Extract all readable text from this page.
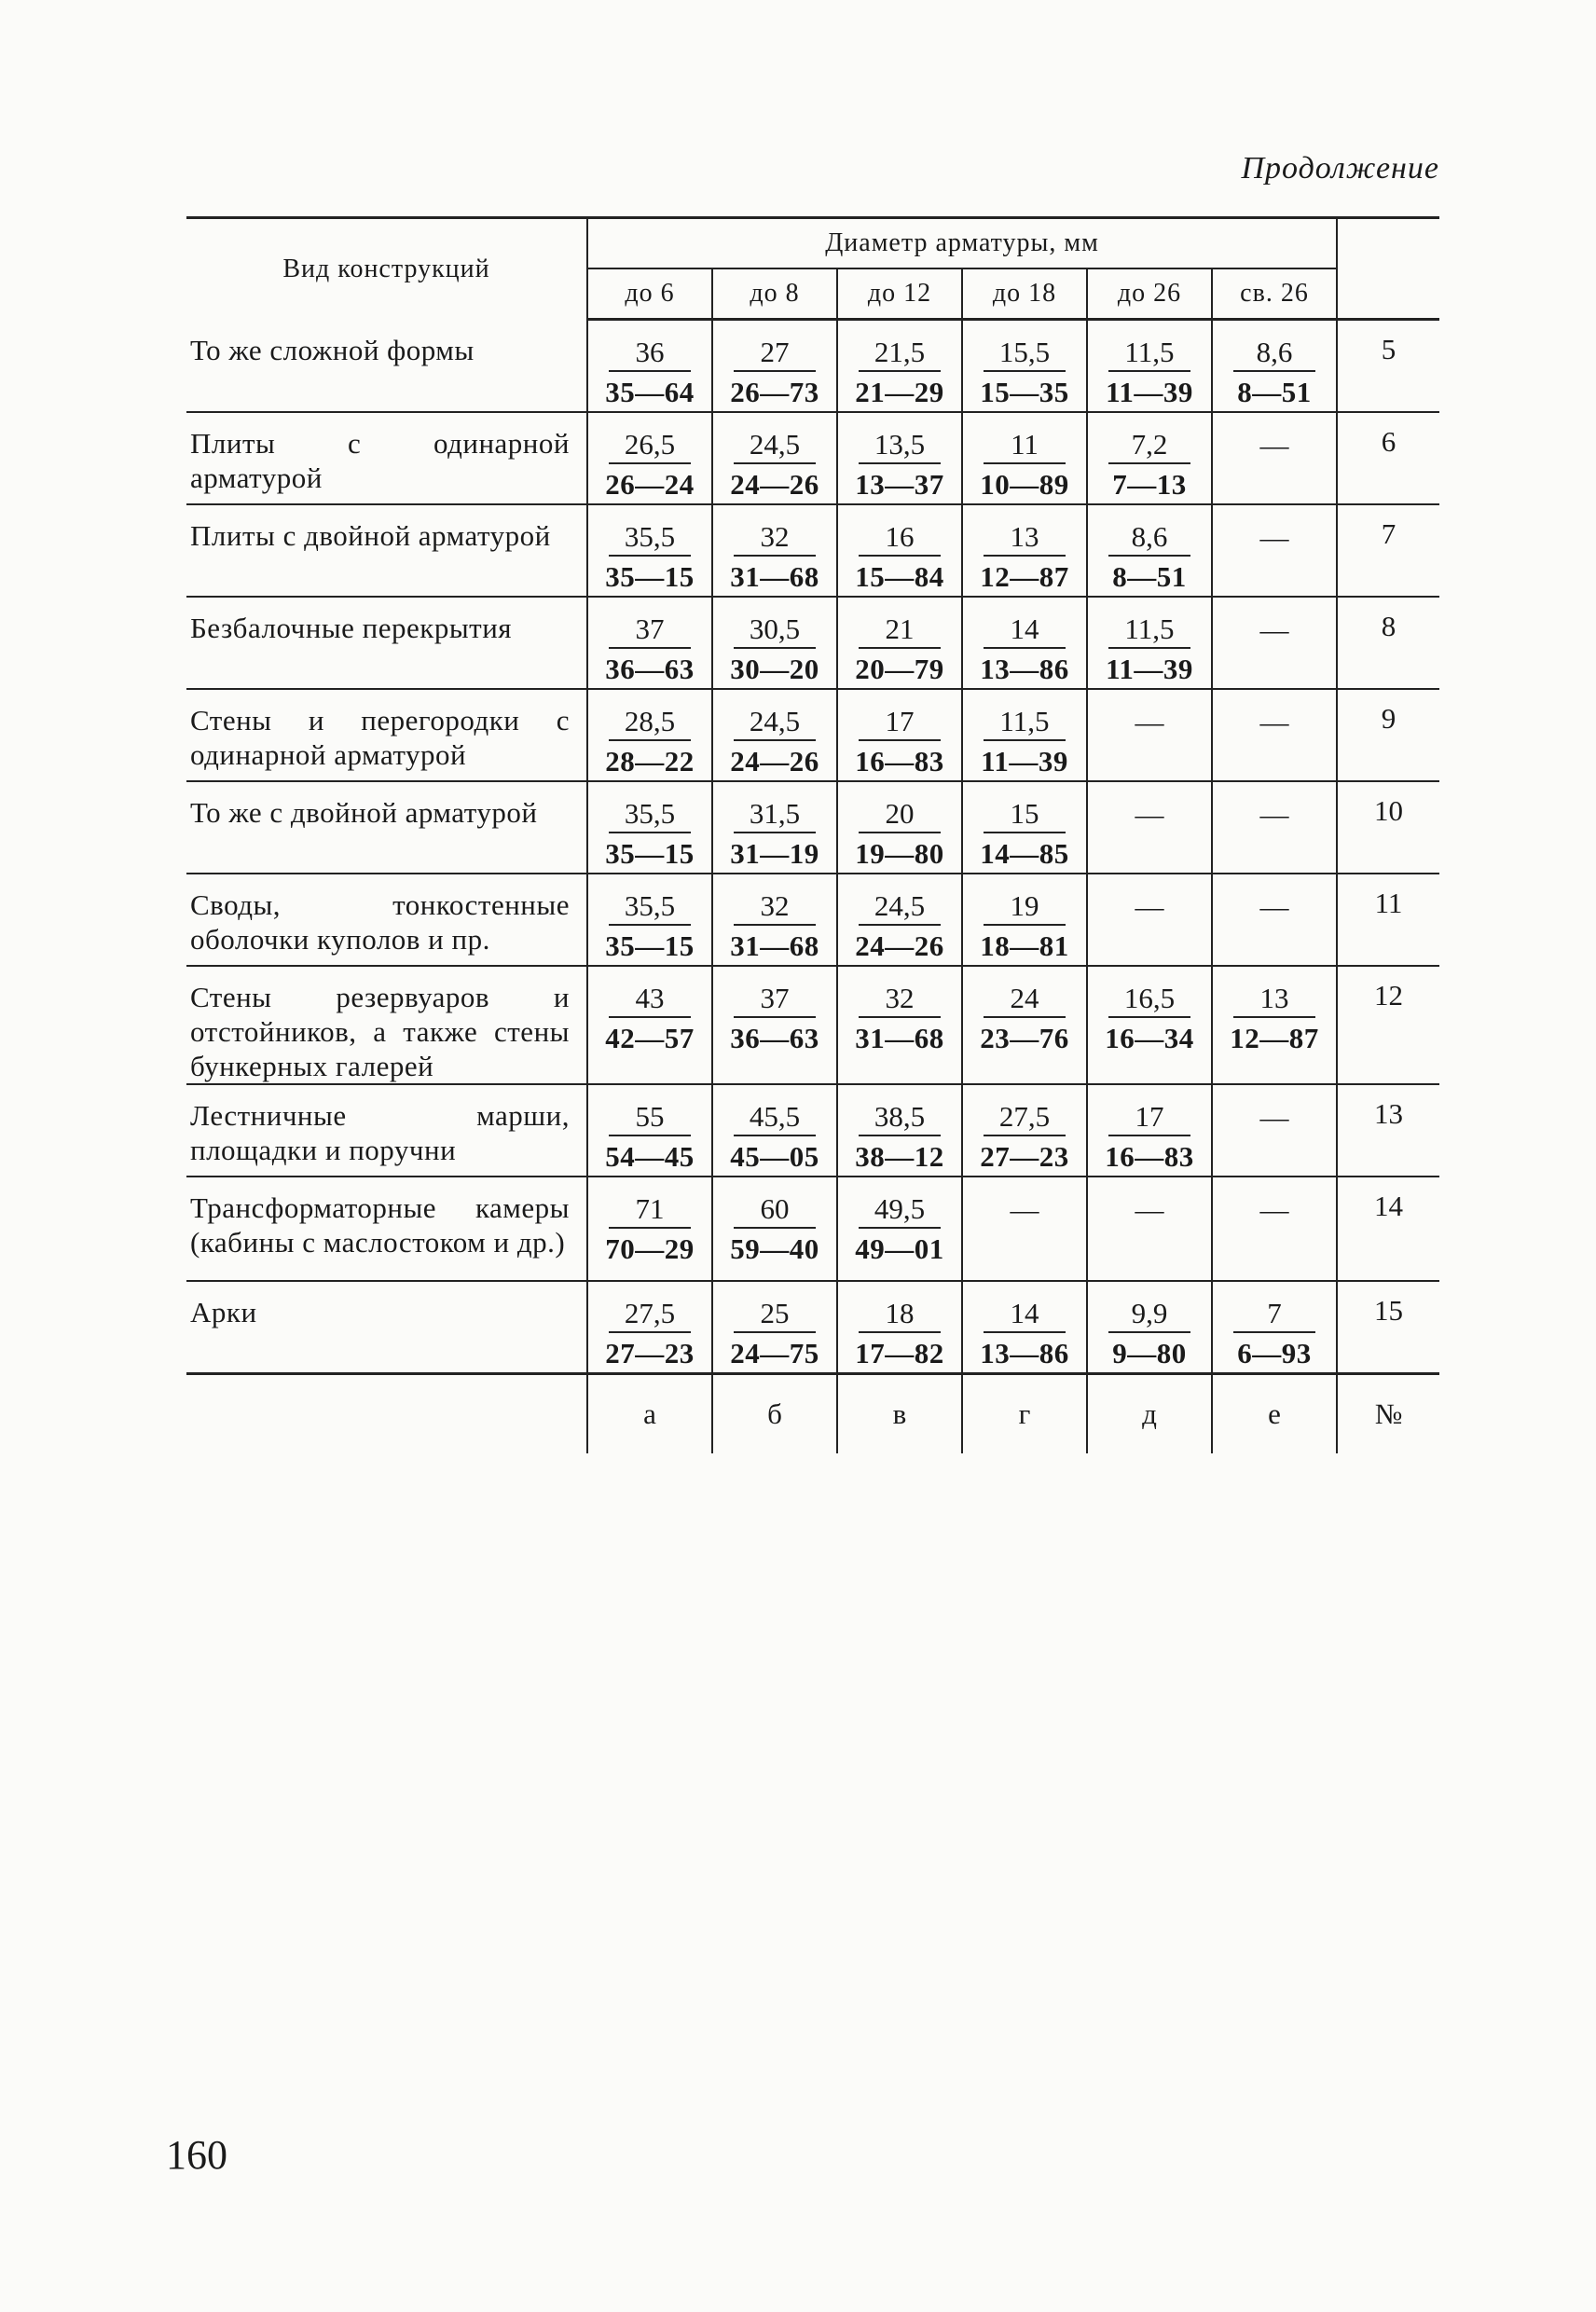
Продолжение
Вид конструкций	Диаметр арматуры, мм						
	до 6	до 8	до 12	до 18	до 26	св. 26	
То же сложной формы	$\frac{36}{35—64}$	$\frac{27}{26—73}$	$\frac{21,5}{21—29}$	$\frac{15,5}{15—35}$	$\frac{11,5}{11—39}$	$\frac{8,6}{8—51}$	5
Плиты с одинарной арматурой	$\frac{26,5}{26—24}$	$\frac{24,5}{24—26}$	$\frac{13,5}{13—37}$	$\frac{11}{10—89}$	$\frac{7,2}{7—13}$	—	6
Плиты с двойной арматурой	$\frac{35,5}{35—15}$	$\frac{32}{31—68}$	$\frac{16}{15—84}$	$\frac{13}{12—87}$	$\frac{8,6}{8—51}$	—	7
Безбалочные перекрытия	$\frac{37}{36—63}$	$\frac{30,5}{30—20}$	$\frac{21}{20—79}$	$\frac{14}{13—86}$	$\frac{11,5}{11—39}$	—	8
Стены и перегородки с одинарной арматурой	$\frac{28,5}{28—22}$	$\frac{24,5}{24—26}$	$\frac{17}{16—83}$	$\frac{11,5}{11—39}$	—	—	9
То же с двойной арматурой	$\frac{35,5}{35—15}$	$\frac{31,5}{31—19}$	$\frac{20}{19—80}$	$\frac{15}{14—85}$	—	—	10
Своды, тонкостенные оболочки куполов и пр.	$\frac{35,5}{35—15}$	$\frac{32}{31—68}$	$\frac{24,5}{24—26}$	$\frac{19}{18—81}$	—	—	11
Стены резервуаров и отстойников, а также стены бункерных галерей	$\frac{43}{42—57}$	$\frac{37}{36—63}$	$\frac{32}{31—68}$	$\frac{24}{23—76}$	$\frac{16,5}{16—34}$	$\frac{13}{12—87}$	12
Лестничные марши, площадки и поручни	$\frac{55}{54—45}$	$\frac{45,5}{45—05}$	$\frac{38,5}{38—12}$	$\frac{27,5}{27—23}$	$\frac{17}{16—83}$	—	13
Трансформаторные камеры (кабины с маслостоком и др.)	$\frac{71}{70—29}$	$\frac{60}{59—40}$	$\frac{49,5}{49—01}$	—	—	—	14
Арки	$\frac{27,5}{27—23}$	$\frac{25}{24—75}$	$\frac{18}{17—82}$	$\frac{14}{13—86}$	$\frac{9,9}{9—80}$	$\frac{7}{6—93}$	15
	а	б	в	г	д	е	№
160
